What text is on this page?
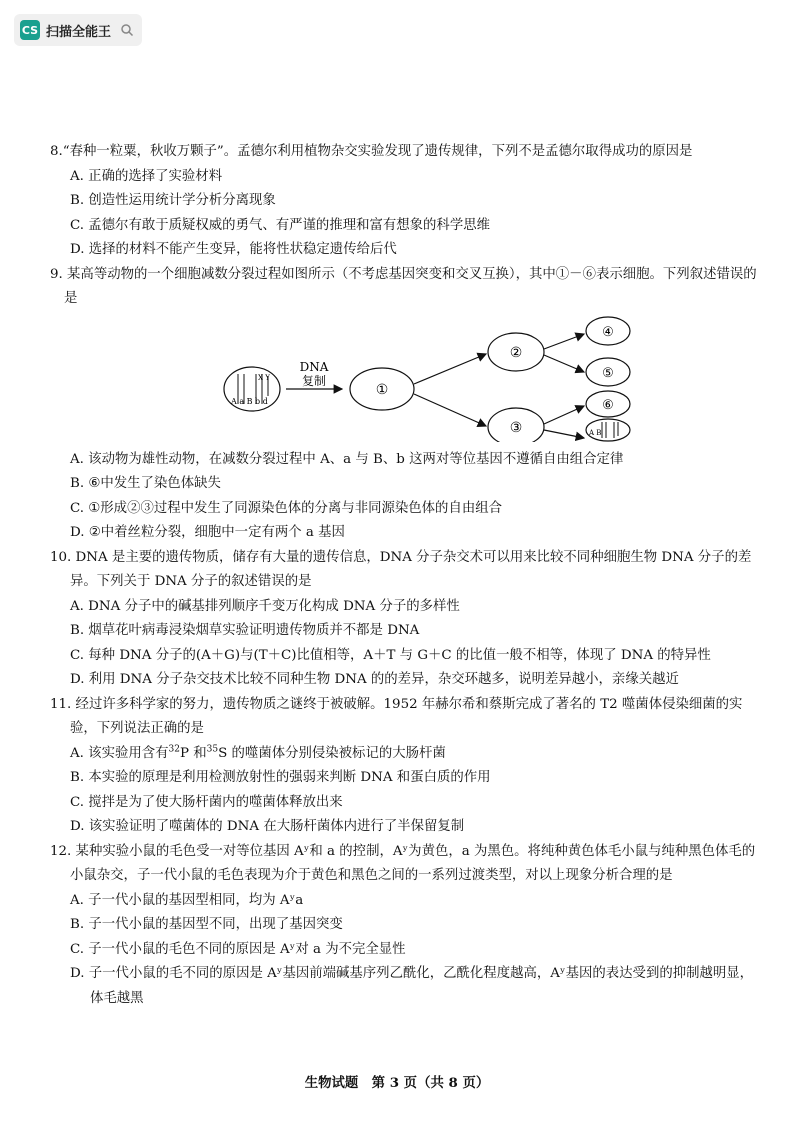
CS 扫描全能王

8.“春种一粒粟，秋收万颗子”。孟德尔利用植物杂交实验发现了遗传规律，下列不是孟德尔取得成功的原因是

A. 正确的选择了实验材料

B. 创造性运用统计学分析分离现象

C. 孟德尔有敢于质疑权威的勇气、有严谨的推理和富有想象的科学思维

D. 选择的材料不能产生变异，能将性状稳定遗传给后代

9. 某高等动物的一个细胞减数分裂过程如图所示（不考虑基因突变和交叉互换），其中①－⑥表示细胞。下列叙述错误的是

A a B b d
X Y
DNA
复制
①
②
③
④
⑤
⑥
A B

A. 该动物为雄性动物，在减数分裂过程中 A、a 与 B、b 这两对等位基因不遵循自由组合定律

B. ⑥中发生了染色体缺失

C. ①形成②③过程中发生了同源染色体的分离与非同源染色体的自由组合

D. ②中着丝粒分裂，细胞中一定有两个 a 基因

10. DNA 是主要的遗传物质，储存有大量的遗传信息，DNA 分子杂交术可以用来比较不同种细胞生物 DNA 分子的差异。下列关于 DNA 分子的叙述错误的是

A. DNA 分子中的碱基排列顺序千变万化构成 DNA 分子的多样性

B. 烟草花叶病毒浸染烟草实验证明遗传物质并不都是 DNA

C. 每种 DNA 分子的(A＋G)与(T＋C)比值相等，A＋T 与 G＋C 的比值一般不相等，体现了 DNA 的特异性

D. 利用 DNA 分子杂交技术比较不同种生物 DNA 的的差异，杂交环越多，说明差异越小，亲缘关越近

11. 经过许多科学家的努力，遗传物质之谜终于被破解。1952 年赫尔希和蔡斯完成了著名的 T2 噬菌体侵染细菌的实验，下列说法正确的是

A. 该实验用含有$^{32}$P 和$^{35}$S 的噬菌体分别侵染被标记的大肠杆菌

B. 本实验的原理是利用检测放射性的强弱来判断 DNA 和蛋白质的作用

C. 搅拌是为了使大肠杆菌内的噬菌体释放出来

D. 该实验证明了噬菌体的 DNA 在大肠杆菌体内进行了半保留复制

12. 某种实验小鼠的毛色受一对等位基因 Aʸ和 a 的控制，Aʸ为黄色，a 为黑色。将纯种黄色体毛小鼠与纯种黑色体毛的小鼠杂交，子一代小鼠的毛色表现为介于黄色和黑色之间的一系列过渡类型，对以上现象分析合理的是

A. 子一代小鼠的基因型相同，均为 Aʸa

B. 子一代小鼠的基因型不同，出现了基因突变

C. 子一代小鼠的毛色不同的原因是 Aʸ对 a 为不完全显性

D. 子一代小鼠的毛不同的原因是 Aʸ基因前端碱基序列乙酰化，乙酰化程度越高，Aʸ基因的表达受到的抑制越明显，体毛越黑

生物试题　第 3 页（共 8 页）
